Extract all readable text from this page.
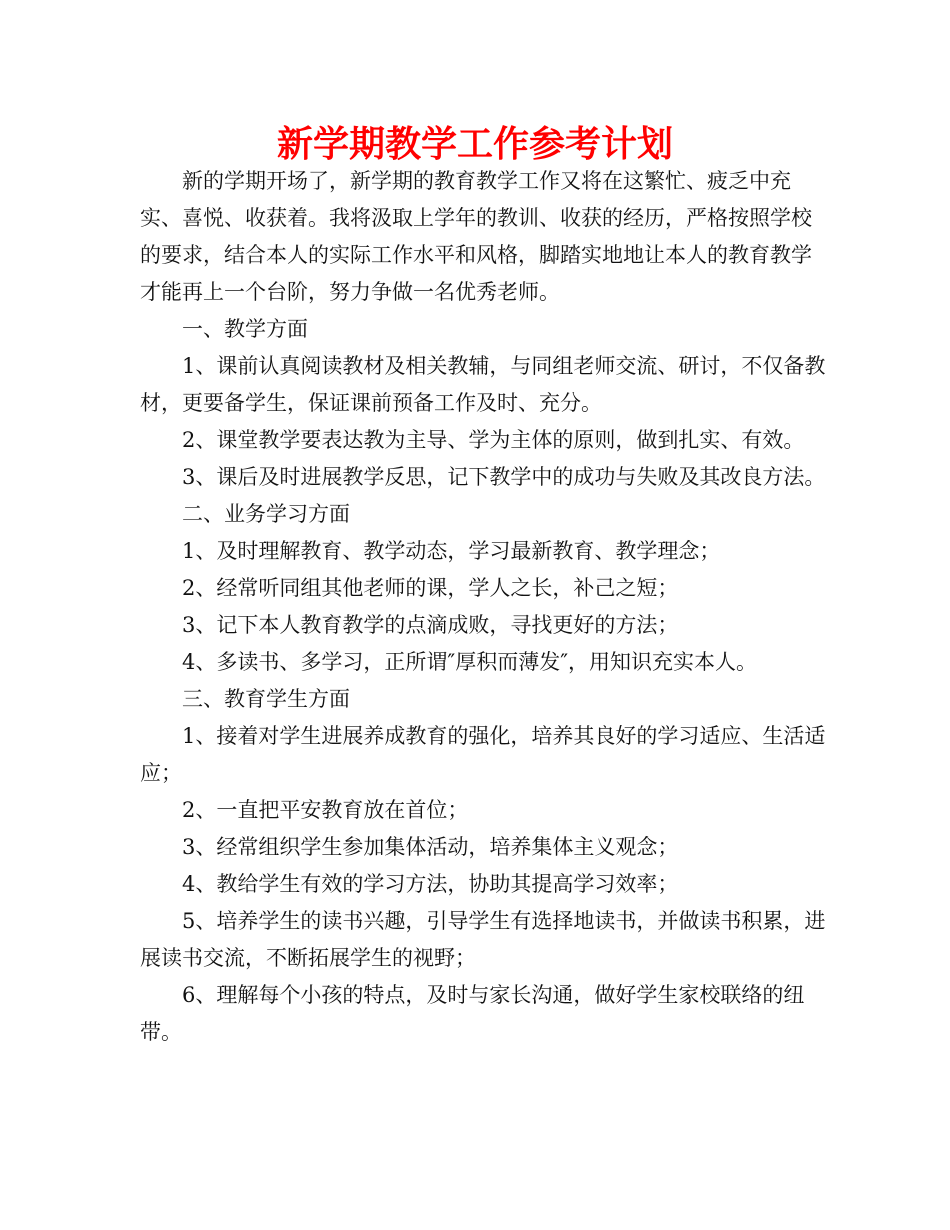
新学期教学工作参考计划

新的学期开场了，新学期的教育教学工作又将在这繁忙、疲乏中充实、喜悦、收获着。我将汲取上学年的教训、收获的经历，严格按照学校的要求，结合本人的实际工作水平和风格，脚踏实地地让本人的教育教学才能再上一个台阶，努力争做一名优秀老师。

一、教学方面

1、课前认真阅读教材及相关教辅，与同组老师交流、研讨，不仅备教材，更要备学生，保证课前预备工作及时、充分。

2、课堂教学要表达教为主导、学为主体的原则，做到扎实、有效。

3、课后及时进展教学反思，记下教学中的成功与失败及其改良方法。

二、业务学习方面

1、及时理解教育、教学动态，学习最新教育、教学理念；

2、经常听同组其他老师的课，学人之长，补己之短；

3、记下本人教育教学的点滴成败，寻找更好的方法；

4、多读书、多学习，正所谓″厚积而薄发″，用知识充实本人。

三、教育学生方面

1、接着对学生进展养成教育的强化，培养其良好的学习适应、生活适应；

2、一直把平安教育放在首位；

3、经常组织学生参加集体活动，培养集体主义观念；

4、教给学生有效的学习方法，协助其提高学习效率；

5、培养学生的读书兴趣，引导学生有选择地读书，并做读书积累，进展读书交流，不断拓展学生的视野；

6、理解每个小孩的特点，及时与家长沟通，做好学生家校联络的纽带。
